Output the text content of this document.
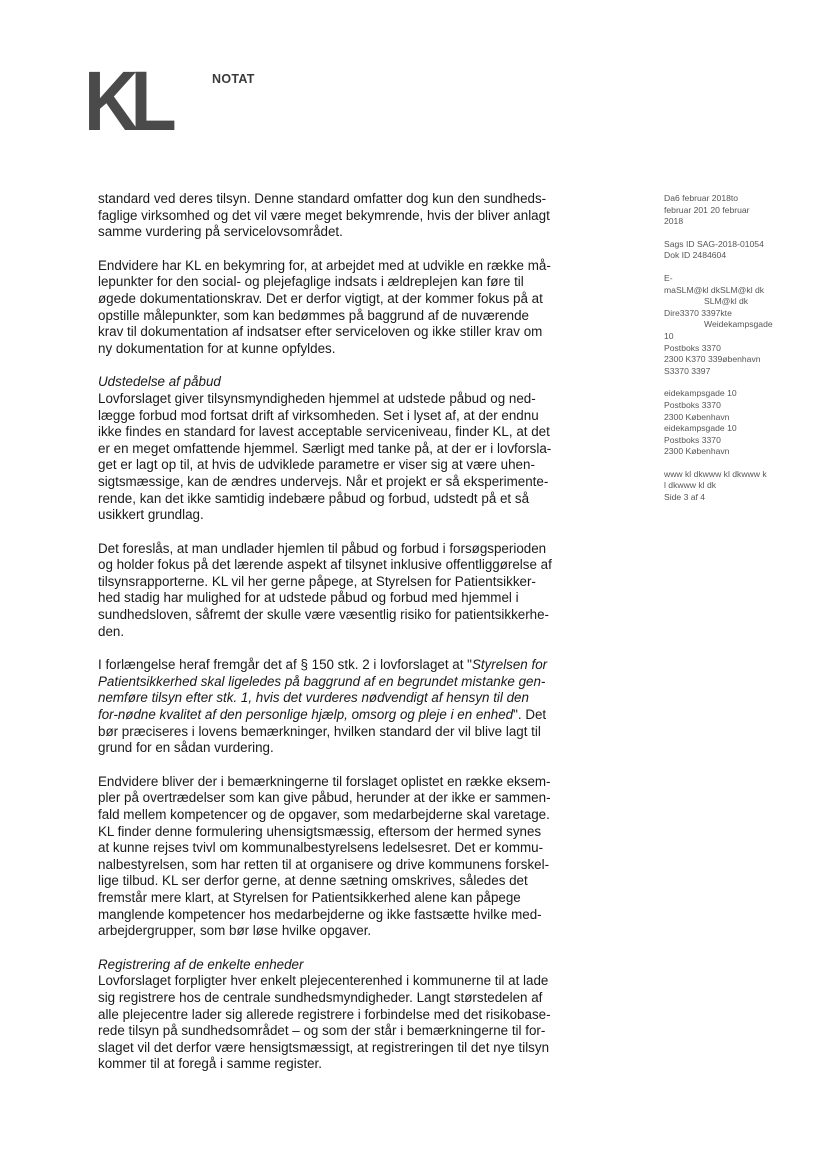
KL	NOTAT
Da6 februar 2018to
februar 201 20 februar
2018
Sags ID SAG-2018-01054
Dok ID 2484604
E-
maSLM@kl dkSLM@kl dk
SLM@kl dk
Dire3370 3397kte
Weidekampsgade
10
Postboks 3370
2300 K370 339øbenhavn
S3370 3397
eidekampsgade 10
Postboks 3370
2300 København
eidekampsgade 10
Postboks 3370
2300 København
www kl dkwww kl dkwww k
l dkwww kl dk
Side 3 af 4

standard ved deres tilsyn. Denne standard omfatter dog kun den sundheds-faglige virksomhed og det vil være meget bekymrende, hvis der bliver anlagt samme vurdering på servicelovsområdet.

Endvidere har KL en bekymring for, at arbejdet med at udvikle en række må-lepunkter for den social- og plejefaglige indsats i ældreplejen kan føre til øgede dokumentationskrav. Det er derfor vigtigt, at der kommer fokus på at opstille målepunkter, som kan bedømmes på baggrund af de nuværende krav til dokumentation af indsatser efter serviceloven og ikke stiller krav om ny dokumentation for at kunne opfyldes.

Udstedelse af påbud

Lovforslaget giver tilsynsmyndigheden hjemmel at udstede påbud og ned-lægge forbud mod fortsat drift af virksomheden. Set i lyset af, at der endnu ikke findes en standard for lavest acceptable serviceniveau, finder KL, at det er en meget omfattende hjemmel. Særligt med tanke på, at der er i lovforsla-get er lagt op til, at hvis de udviklede parametre er viser sig at være uhen-sigtsmæssige, kan de ændres undervejs. Når et projekt er så eksperimente-rende, kan det ikke samtidig indebære påbud og forbud, udstedt på et så usikkert grundlag.

Det foreslås, at man undlader hjemlen til påbud og forbud i forsøgsperioden og holder fokus på det lærende aspekt af tilsynet inklusive offentliggørelse af tilsynsrapporterne. KL vil her gerne påpege, at Styrelsen for Patientsikker-hed stadig har mulighed for at udstede påbud og forbud med hjemmel i sundhedsloven, såfremt der skulle være væsentlig risiko for patientsikkerhe-den.

I forlængelse heraf fremgår det af § 150 stk. 2 i lovforslaget at "Styrelsen for Patientsikkerhed skal ligeledes på baggrund af en begrundet mistanke gen-nemføre tilsyn efter stk. 1, hvis det vurderes nødvendigt af hensyn til den for-nødne kvalitet af den personlige hjælp, omsorg og pleje i en enhed". Det bør præciseres i lovens bemærkninger, hvilken standard der vil blive lagt til grund for en sådan vurdering.

Endvidere bliver der i bemærkningerne til forslaget oplistet en række eksem-pler på overtrædelser som kan give påbud, herunder at der ikke er sammen-fald mellem kompetencer og de opgaver, som medarbejderne skal varetage. KL finder denne formulering uhensigtsmæssig, eftersom der hermed synes at kunne rejses tvivl om kommunalbestyrelsens ledelsesret. Det er kommu-nalbestyrelsen, som har retten til at organisere og drive kommunens forskel-lige tilbud. KL ser derfor gerne, at denne sætning omskrives, således det fremstår mere klart, at Styrelsen for Patientsikkerhed alene kan påpege manglende kompetencer hos medarbejderne og ikke fastsætte hvilke med-arbejdergrupper, som bør løse hvilke opgaver.

Registrering af de enkelte enheder

Lovforslaget forpligter hver enkelt plejecenterenhed i kommunerne til at lade sig registrere hos de centrale sundhedsmyndigheder. Langt størstedelen af alle plejecentre lader sig allerede registrere i forbindelse med det risikobase-rede tilsyn på sundhedsområdet – og som der står i bemærkningerne til for-slaget vil det derfor være hensigtsmæssigt, at registreringen til det nye tilsyn kommer til at foregå i samme register.
